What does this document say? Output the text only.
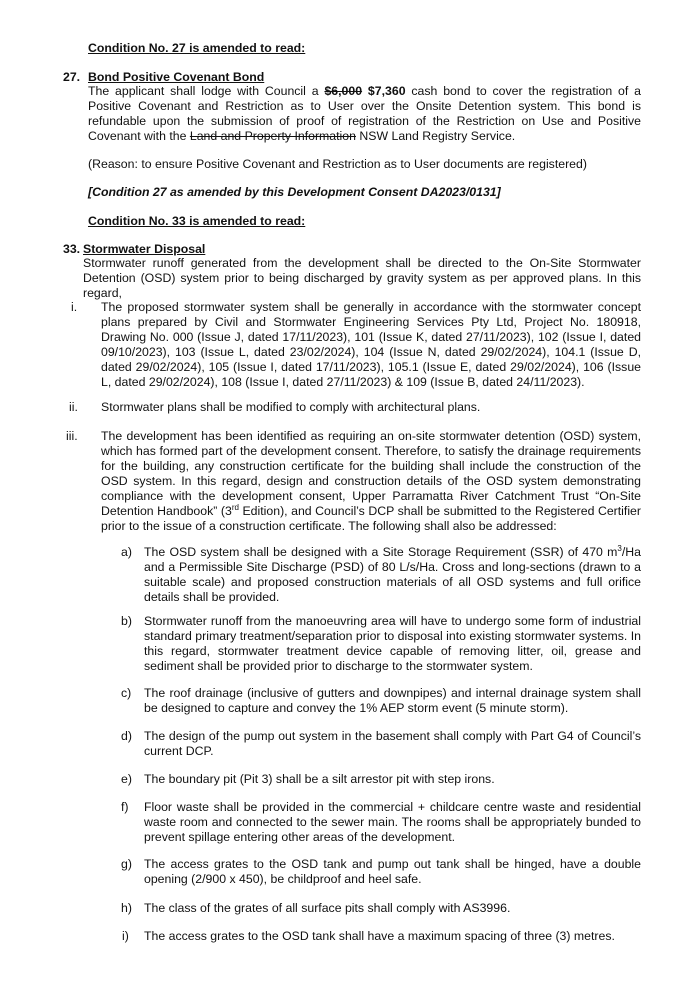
Condition No. 27 is amended to read:
27. Bond Positive Covenant Bond
The applicant shall lodge with Council a $6,000 $7,360 cash bond to cover the registration of a Positive Covenant and Restriction as to User over the Onsite Detention system. This bond is refundable upon the submission of proof of registration of the Restriction on Use and Positive Covenant with the Land and Property Information NSW Land Registry Service.
(Reason: to ensure Positive Covenant and Restriction as to User documents are registered)
[Condition 27 as amended by this Development Consent DA2023/0131]
Condition No. 33 is amended to read:
33. Stormwater Disposal
Stormwater runoff generated from the development shall be directed to the On-Site Stormwater Detention (OSD) system prior to being discharged by gravity system as per approved plans. In this regard,
i. The proposed stormwater system shall be generally in accordance with the stormwater concept plans prepared by Civil and Stormwater Engineering Services Pty Ltd, Project No. 180918, Drawing No. 000 (Issue J, dated 17/11/2023), 101 (Issue K, dated 27/11/2023), 102 (Issue I, dated 09/10/2023), 103 (Issue L, dated 23/02/2024), 104 (Issue N, dated 29/02/2024), 104.1 (Issue D, dated 29/02/2024), 105 (Issue I, dated 17/11/2023), 105.1 (Issue E, dated 29/02/2024), 106 (Issue L, dated 29/02/2024), 108 (Issue I, dated 27/11/2023) & 109 (Issue B, dated 24/11/2023).
ii. Stormwater plans shall be modified to comply with architectural plans.
iii. The development has been identified as requiring an on-site stormwater detention (OSD) system, which has formed part of the development consent. Therefore, to satisfy the drainage requirements for the building, any construction certificate for the building shall include the construction of the OSD system. In this regard, design and construction details of the OSD system demonstrating compliance with the development consent, Upper Parramatta River Catchment Trust “On-Site Detention Handbook” (3rd Edition), and Council’s DCP shall be submitted to the Registered Certifier prior to the issue of a construction certificate. The following shall also be addressed:
a) The OSD system shall be designed with a Site Storage Requirement (SSR) of 470 $m^3/Ha$ and a Permissible Site Discharge (PSD) of 80 L/s/Ha. Cross and long-sections (drawn to a suitable scale) and proposed construction materials of all OSD systems and full orifice details shall be provided.
b) Stormwater runoff from the manoeuvring area will have to undergo some form of industrial standard primary treatment/separation prior to disposal into existing stormwater systems. In this regard, stormwater treatment device capable of removing litter, oil, grease and sediment shall be provided prior to discharge to the stormwater system.
c) The roof drainage (inclusive of gutters and downpipes) and internal drainage system shall be designed to capture and convey the 1% AEP storm event (5 minute storm).
d) The design of the pump out system in the basement shall comply with Part G4 of Council’s current DCP.
e) The boundary pit (Pit 3) shall be a silt arrestor pit with step irons.
f) Floor waste shall be provided in the commercial + childcare centre waste and residential waste room and connected to the sewer main. The rooms shall be appropriately bunded to prevent spillage entering other areas of the development.
g) The access grates to the OSD tank and pump out tank shall be hinged, have a double opening (2/900 x 450), be childproof and heel safe.
h) The class of the grates of all surface pits shall comply with AS3996.
i) The access grates to the OSD tank shall have a maximum spacing of three (3) metres.
